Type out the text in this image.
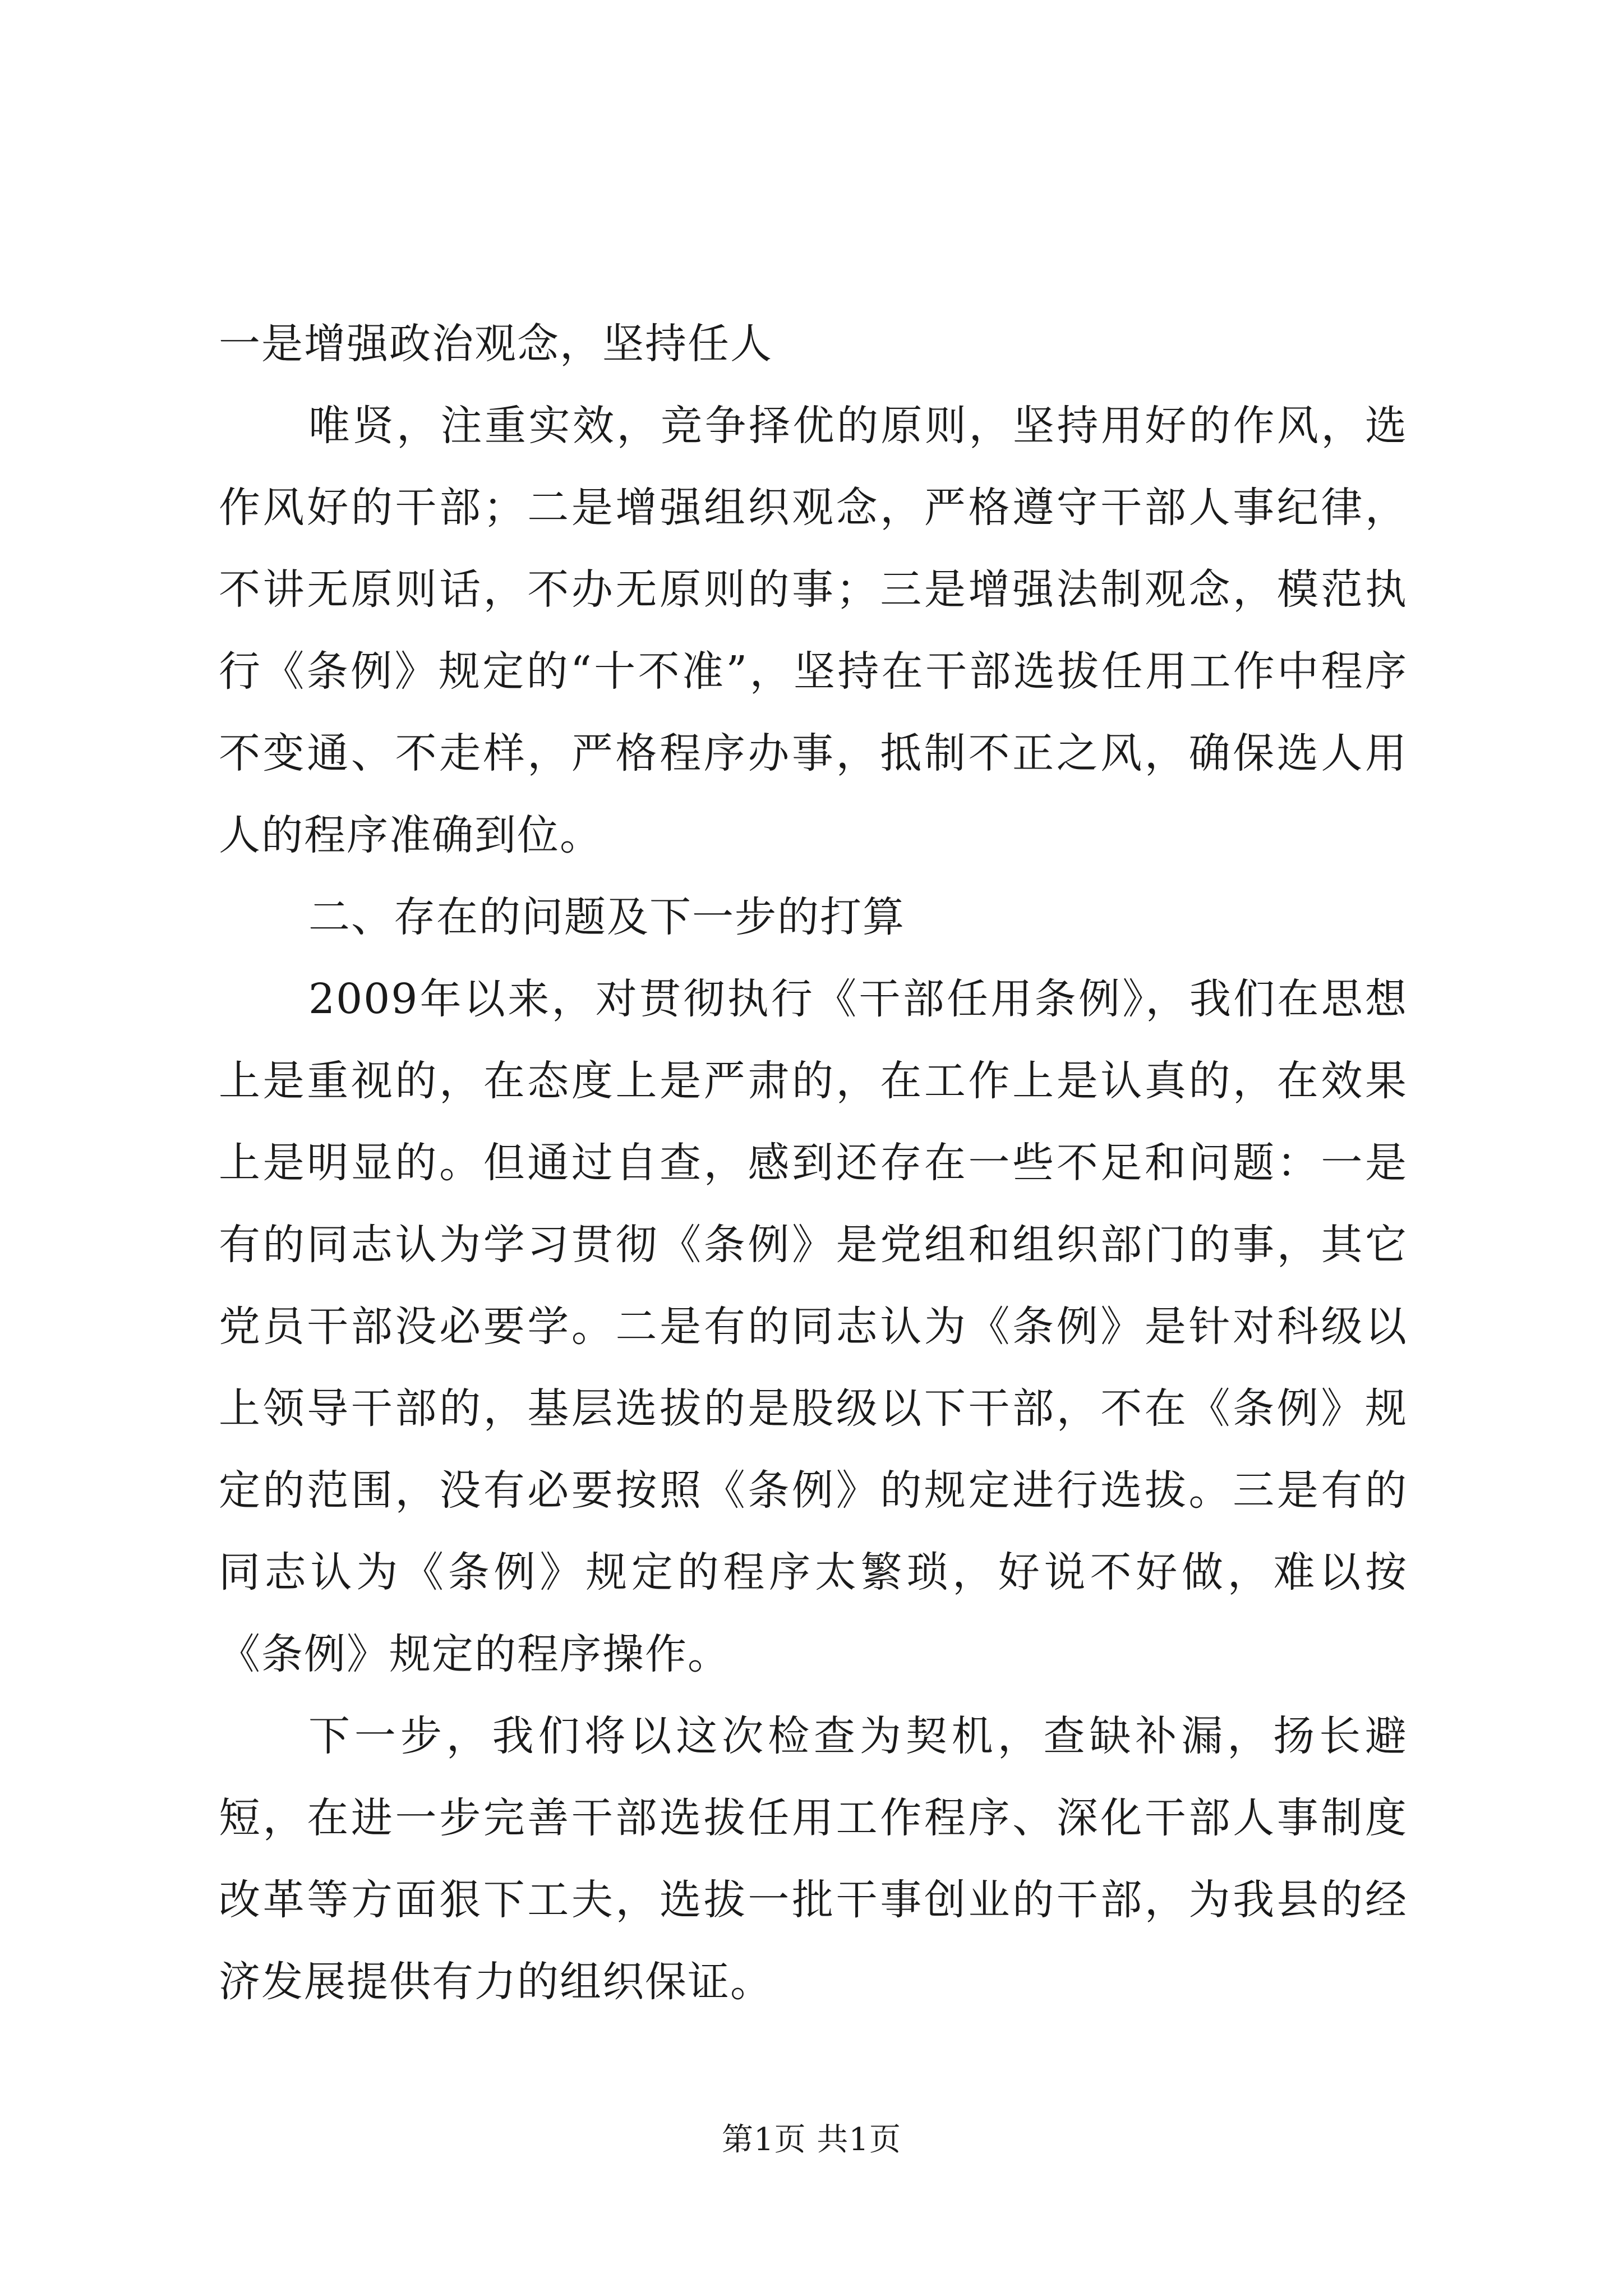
一是增强政治观念，坚持任人

唯贤，注重实效，竞争择优的原则，坚持用好的作风，选作风好的干部；二是增强组织观念，严格遵守干部人事纪律，不讲无原则话，不办无原则的事；三是增强法制观念，模范执行《条例》规定的“十不准”，坚持在干部选拔任用工作中程序不变通、不走样，严格程序办事，抵制不正之风，确保选人用人的程序准确到位。

二、存在的问题及下一步的打算

2009年以来，对贯彻执行《干部任用条例》，我们在思想上是重视的，在态度上是严肃的，在工作上是认真的，在效果上是明显的。但通过自查，感到还存在一些不足和问题：一是有的同志认为学习贯彻《条例》是党组和组织部门的事，其它党员干部没必要学。二是有的同志认为《条例》是针对科级以上领导干部的，基层选拔的是股级以下干部，不在《条例》规定的范围，没有必要按照《条例》的规定进行选拔。三是有的同志认为《条例》规定的程序太繁琐，好说不好做，难以按《条例》规定的程序操作。

下一步，我们将以这次检查为契机，查缺补漏，扬长避短，在进一步完善干部选拔任用工作程序、深化干部人事制度改革等方面狠下工夫，选拔一批干事创业的干部，为我县的经济发展提供有力的组织保证。

第1页 共1页
